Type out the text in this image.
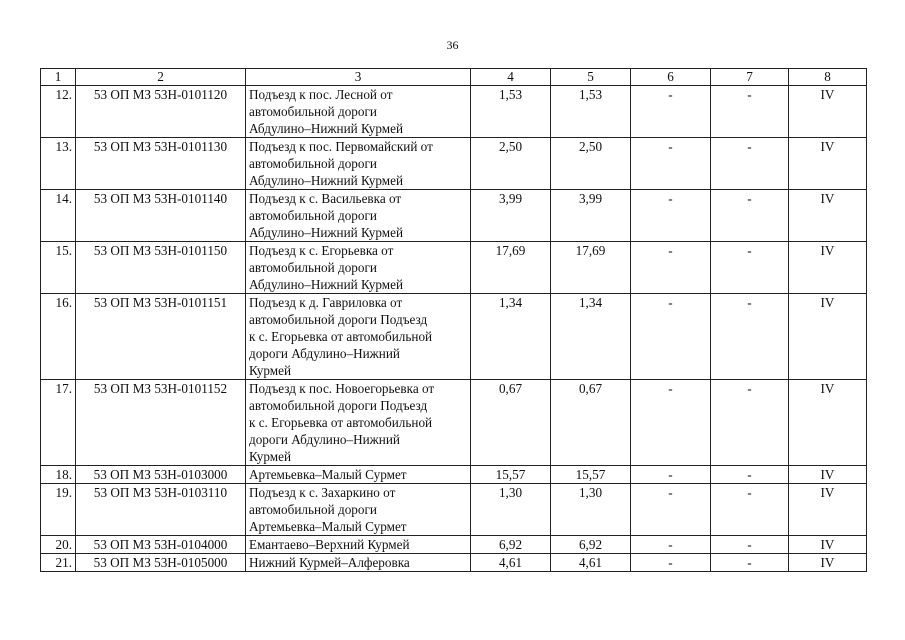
36
1	2	3	4	5	6	7	8
12.	53 ОП МЗ 53Н-0101120	Подъезд к пос. Лесной от
автомобильной дороги
Абдулино–Нижний Курмей	1,53	1,53	-	-	IV
13.	53 ОП МЗ 53Н-0101130	Подъезд к пос. Первомайский от
автомобильной дороги
Абдулино–Нижний Курмей	2,50	2,50	-	-	IV
14.	53 ОП МЗ 53Н-0101140	Подъезд к с. Васильевка от
автомобильной дороги
Абдулино–Нижний Курмей	3,99	3,99	-	-	IV
15.	53 ОП МЗ 53Н-0101150	Подъезд к с. Егорьевка от
автомобильной дороги
Абдулино–Нижний Курмей	17,69	17,69	-	-	IV
16.	53 ОП МЗ 53Н-0101151	Подъезд к д. Гавриловка от
автомобильной дороги Подъезд
к с. Егорьевка от автомобильной
дороги Абдулино–Нижний
Курмей	1,34	1,34	-	-	IV
17.	53 ОП МЗ 53Н-0101152	Подъезд к пос. Новоегорьевка от
автомобильной дороги Подъезд
к с. Егорьевка от автомобильной
дороги Абдулино–Нижний
Курмей	0,67	0,67	-	-	IV
18.	53 ОП МЗ 53Н-0103000	Артемьевка–Малый Сурмет	15,57	15,57	-	-	IV
19.	53 ОП МЗ 53Н-0103110	Подъезд к с. Захаркино от
автомобильной дороги
Артемьевка–Малый Сурмет	1,30	1,30	-	-	IV
20.	53 ОП МЗ 53Н-0104000	Емантаево–Верхний Курмей	6,92	6,92	-	-	IV
21.	53 ОП МЗ 53Н-0105000	Нижний Курмей–Алферовка	4,61	4,61	-	-	IV
